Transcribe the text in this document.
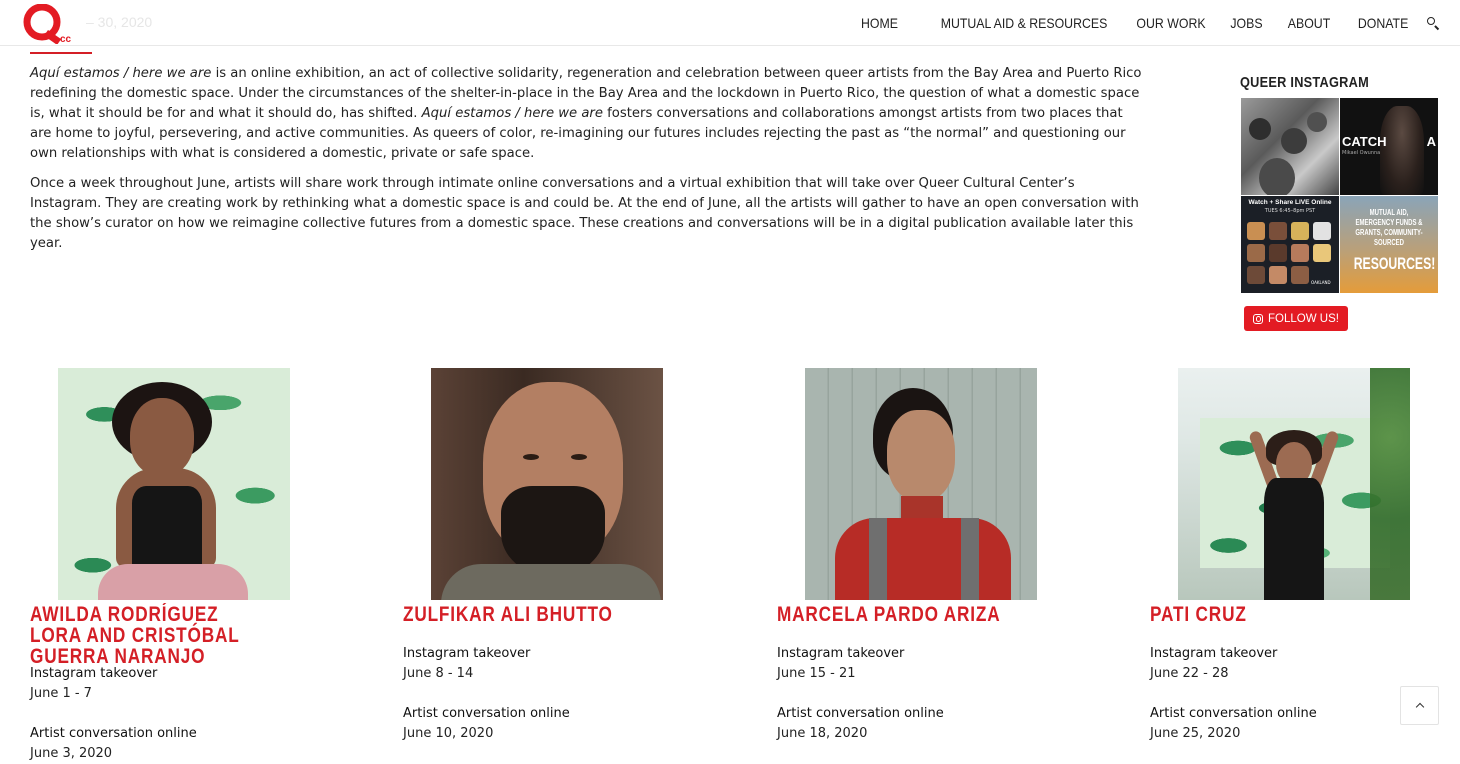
cc
– 30, 2020	HOME	MUTUAL AID & RESOURCES OUR WORK JOBS ABOUT DONATE

Aquí estamos / here we are is an online exhibition, an act of collective solidarity, regeneration and celebration between queer artists from the Bay Area and Puerto Rico redefining the domestic space. Under the circumstances of the shelter-in-place in the Bay Area and the lockdown in Puerto Rico, the question of what a domestic space is, what it should be for and what it should do, has shifted. Aquí estamos / here we are fosters conversations and collaborations amongst artists from two places that are home to joyful, persevering, and active communities. As queers of color, re-imagining our futures includes rejecting the past as “the normal” and questioning our own relationships with what is considered a domestic, private or safe space.

Once a week throughout June, artists will share work through intimate online conversations and a virtual exhibition that will take over Queer Cultural Center’s Instagram. They are creating work by rethinking what a domestic space is and could be. At the end of June, all the artists will gather to have an open conversation with the show’s curator on how we reimagine collective futures from a domestic space. These creations and conversations will be in a digital publication available later this year.

QUEER INSTAGRAM
CATCH
Mikael Owunna
A
Watch + Share LIVE Online
TUES 6:45–8pm PST
OAKLAND
MUTUAL AID, EMERGENCY FUNDS & GRANTS, COMMUNITY-SOURCED
RESOURCES!
FOLLOW US!
AWILDA RODRÍGUEZ LORA AND CRISTÓBAL GUERRA NARANJO
Instagram takeover
June 1 - 7
Artist conversation online
June 3, 2020
ZULFIKAR ALI BHUTTO
Instagram takeover
June 8 - 14
Artist conversation online
June 10, 2020
MARCELA PARDO ARIZA
Instagram takeover
June 15 - 21
Artist conversation online
June 18, 2020
PATI CRUZ
Instagram takeover
June 22 - 28
Artist conversation online
June 25, 2020
